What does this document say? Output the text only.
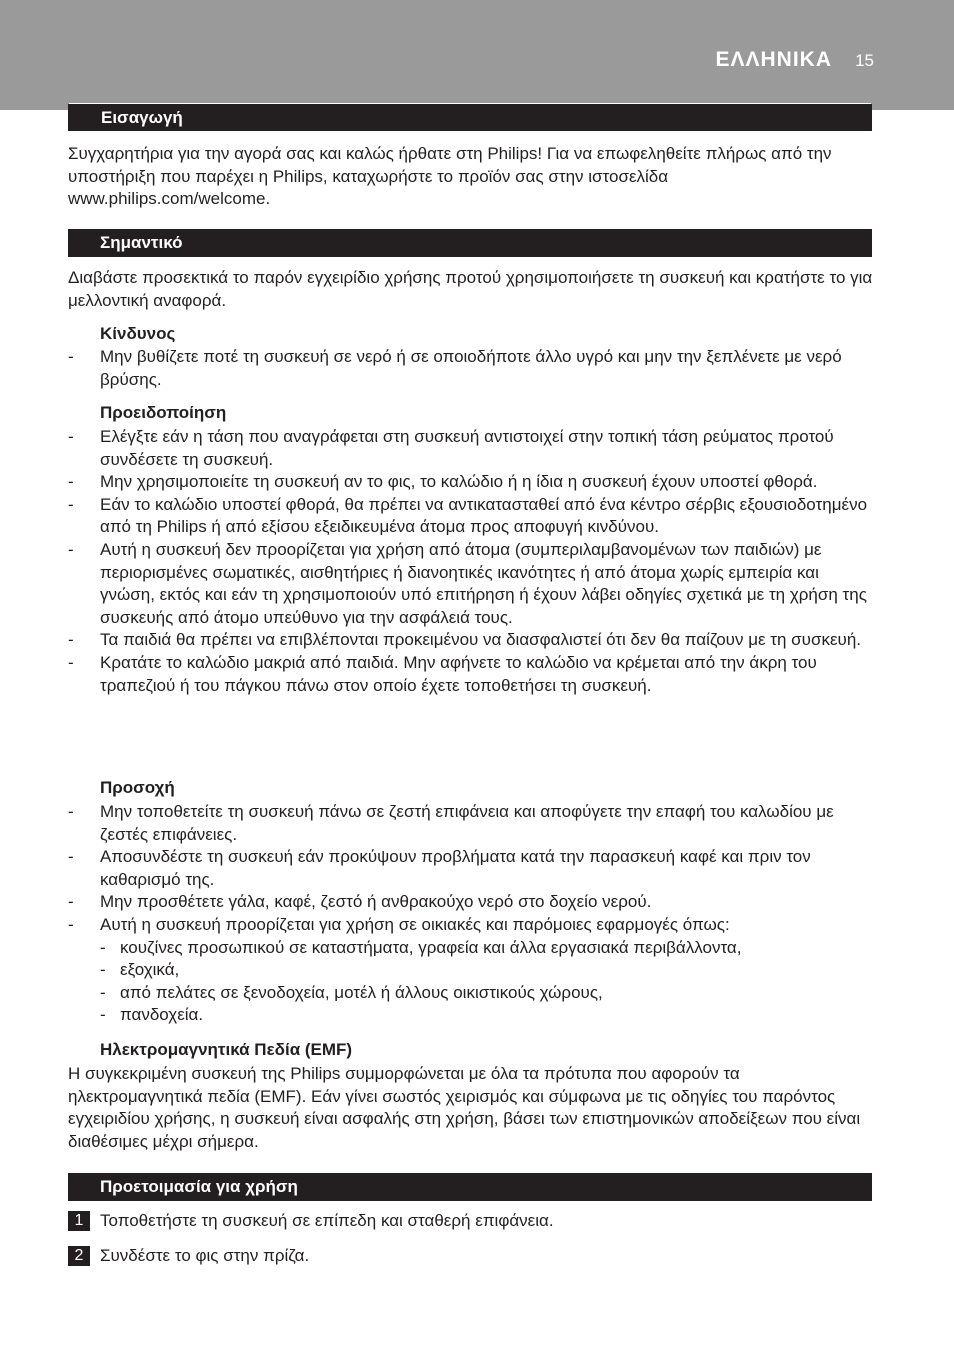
ΕΛΛΗΝΙΚΑ 15
Εισαγωγή

Συγχαρητήρια για την αγορά σας και καλώς ήρθατε στη Philips! Για να επωφεληθείτε πλήρως από την υποστήριξη που παρέχει η Philips, καταχωρήστε το προϊόν σας στην ιστοσελίδα www.philips.com/welcome.

Σημαντικό

Διαβάστε προσεκτικά το παρόν εγχειρίδιο χρήσης προτού χρησιμοποιήσετε τη συσκευή και κρατήστε το για μελλοντική αναφορά.

Κίνδυνος

- Μην βυθίζετε ποτέ τη συσκευή σε νερό ή σε οποιοδήποτε άλλο υγρό και μην την ξεπλένετε με νερό βρύσης.

Προειδοποίηση

- Ελέγξτε εάν η τάση που αναγράφεται στη συσκευή αντιστοιχεί στην τοπική τάση ρεύματος προτού συνδέσετε τη συσκευή.
- Μην χρησιμοποιείτε τη συσκευή αν το φις, το καλώδιο ή η ίδια η συσκευή έχουν υποστεί φθορά.
- Εάν το καλώδιο υποστεί φθορά, θα πρέπει να αντικατασταθεί από ένα κέντρο σέρβις εξουσιοδοτημένο από τη Philips ή από εξίσου εξειδικευμένα άτομα προς αποφυγή κινδύνου.
- Αυτή η συσκευή δεν προορίζεται για χρήση από άτομα (συμπεριλαμβανομένων των παιδιών) με περιορισμένες σωματικές, αισθητήριες ή διανοητικές ικανότητες ή από άτομα χωρίς εμπειρία και γνώση, εκτός και εάν τη χρησιμοποιούν υπό επιτήρηση ή έχουν λάβει οδηγίες σχετικά με τη χρήση της συσκευής από άτομο υπεύθυνο για την ασφάλειά τους.
- Τα παιδιά θα πρέπει να επιβλέπονται προκειμένου να διασφαλιστεί ότι δεν θα παίζουν με τη συσκευή.
- Κρατάτε το καλώδιο μακριά από παιδιά. Μην αφήνετε το καλώδιο να κρέμεται από την άκρη του τραπεζιού ή του πάγκου πάνω στον οποίο έχετε τοποθετήσει τη συσκευή.

Προσοχή

- Μην τοποθετείτε τη συσκευή πάνω σε ζεστή επιφάνεια και αποφύγετε την επαφή του καλωδίου με ζεστές επιφάνειες.
- Αποσυνδέστε τη συσκευή εάν προκύψουν προβλήματα κατά την παρασκευή καφέ και πριν τον καθαρισμό της.
- Μην προσθέτετε γάλα, καφέ, ζεστό ή ανθρακούχο νερό στο δοχείο νερού.
- Αυτή η συσκευή προορίζεται για χρήση σε οικιακές και παρόμοιες εφαρμογές όπως:
- κουζίνες προσωπικού σε καταστήματα, γραφεία και άλλα εργασιακά περιβάλλοντα,
- εξοχικά,
- από πελάτες σε ξενοδοχεία, μοτέλ ή άλλους οικιστικούς χώρους,
- πανδοχεία.

Ηλεκτρομαγνητικά Πεδία (EMF)

Η συγκεκριμένη συσκευή της Philips συμμορφώνεται με όλα τα πρότυπα που αφορούν τα ηλεκτρομαγνητικά πεδία (EMF). Εάν γίνει σωστός χειρισμός και σύμφωνα με τις οδηγίες του παρόντος εγχειριδίου χρήσης, η συσκευή είναι ασφαλής στη χρήση, βάσει των επιστημονικών αποδείξεων που είναι διαθέσιμες μέχρι σήμερα.

Προετοιμασία για χρήση
1 Τοποθετήστε τη συσκευή σε επίπεδη και σταθερή επιφάνεια.
2 Συνδέστε το φις στην πρίζα.
